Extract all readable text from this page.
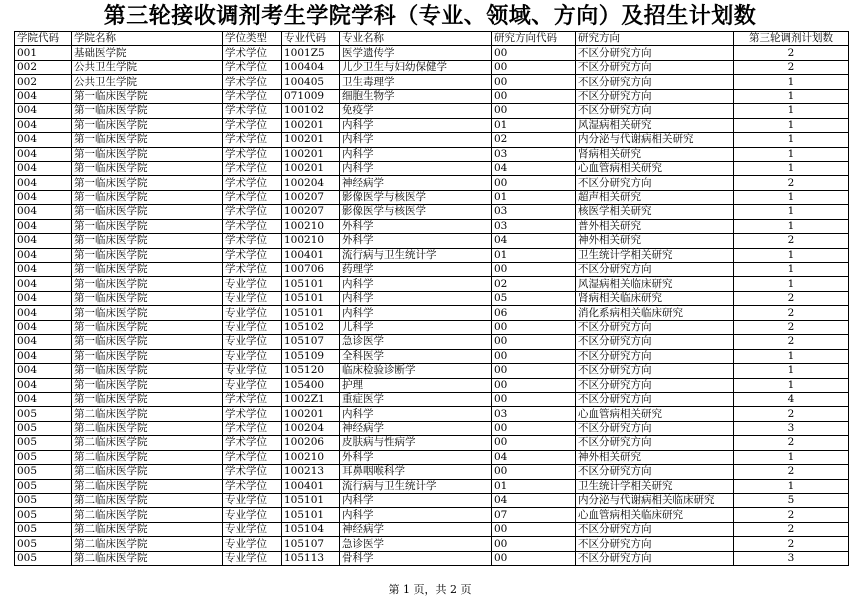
第三轮接收调剂考生学院学科（专业、领域、方向）及招生计划数
学院代码	学院名称	学位类型	专业代码	专业名称	研究方向代码	研究方向	第三轮调剂计划数
001	基础医学院	学术学位	1001Z5	医学遗传学	00	不区分研究方向	2
002	公共卫生学院	学术学位	100404	儿少卫生与妇幼保健学	00	不区分研究方向	2
002	公共卫生学院	学术学位	100405	卫生毒理学	00	不区分研究方向	1
004	第一临床医学院	学术学位	071009	细胞生物学	00	不区分研究方向	1
004	第一临床医学院	学术学位	100102	免疫学	00	不区分研究方向	1
004	第一临床医学院	学术学位	100201	内科学	01	风湿病相关研究	1
004	第一临床医学院	学术学位	100201	内科学	02	内分泌与代谢病相关研究	1
004	第一临床医学院	学术学位	100201	内科学	03	肾病相关研究	1
004	第一临床医学院	学术学位	100201	内科学	04	心血管病相关研究	1
004	第一临床医学院	学术学位	100204	神经病学	00	不区分研究方向	2
004	第一临床医学院	学术学位	100207	影像医学与核医学	01	超声相关研究	1
004	第一临床医学院	学术学位	100207	影像医学与核医学	03	核医学相关研究	1
004	第一临床医学院	学术学位	100210	外科学	03	普外相关研究	1
004	第一临床医学院	学术学位	100210	外科学	04	神外相关研究	2
004	第一临床医学院	学术学位	100401	流行病与卫生统计学	01	卫生统计学相关研究	1
004	第一临床医学院	学术学位	100706	药理学	00	不区分研究方向	1
004	第一临床医学院	专业学位	105101	内科学	02	风湿病相关临床研究	1
004	第一临床医学院	专业学位	105101	内科学	05	肾病相关临床研究	2
004	第一临床医学院	专业学位	105101	内科学	06	消化系病相关临床研究	2
004	第一临床医学院	专业学位	105102	儿科学	00	不区分研究方向	2
004	第一临床医学院	专业学位	105107	急诊医学	00	不区分研究方向	2
004	第一临床医学院	专业学位	105109	全科医学	00	不区分研究方向	1
004	第一临床医学院	专业学位	105120	临床检验诊断学	00	不区分研究方向	1
004	第一临床医学院	专业学位	105400	护理	00	不区分研究方向	1
004	第一临床医学院	学术学位	1002Z1	重症医学	00	不区分研究方向	4
005	第二临床医学院	学术学位	100201	内科学	03	心血管病相关研究	2
005	第二临床医学院	学术学位	100204	神经病学	00	不区分研究方向	3
005	第二临床医学院	学术学位	100206	皮肤病与性病学	00	不区分研究方向	2
005	第二临床医学院	学术学位	100210	外科学	04	神外相关研究	1
005	第二临床医学院	学术学位	100213	耳鼻咽喉科学	00	不区分研究方向	2
005	第二临床医学院	学术学位	100401	流行病与卫生统计学	01	卫生统计学相关研究	1
005	第二临床医学院	专业学位	105101	内科学	04	内分泌与代谢病相关临床研究	5
005	第二临床医学院	专业学位	105101	内科学	07	心血管病相关临床研究	2
005	第二临床医学院	专业学位	105104	神经病学	00	不区分研究方向	2
005	第二临床医学院	专业学位	105107	急诊医学	00	不区分研究方向	2
005	第二临床医学院	专业学位	105113	骨科学	00	不区分研究方向	3
第 1 页，共 2 页
